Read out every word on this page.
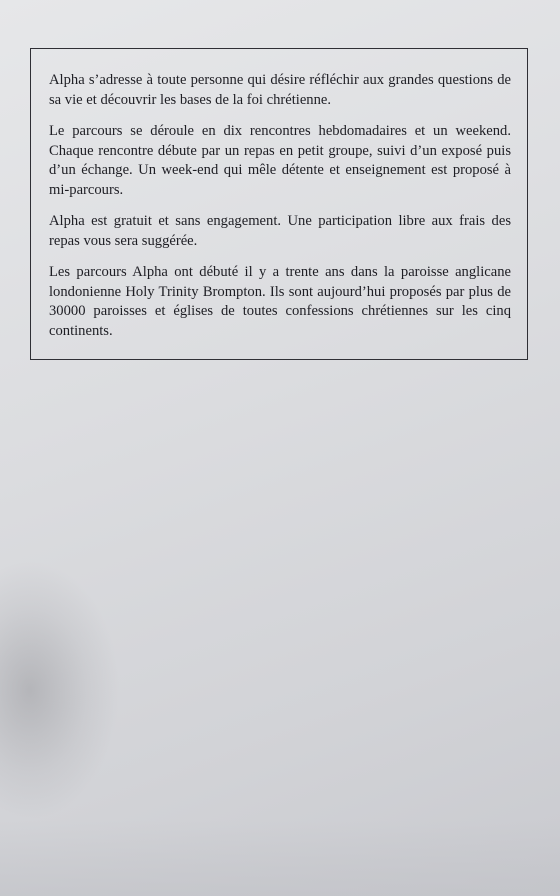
Alpha s’adresse à toute personne qui désire réfléchir aux grandes questions de sa vie et découvrir les bases de la foi chrétienne.

Le parcours se déroule en dix rencontres hebdomadaires et un weekend. Chaque rencontre débute par un repas en petit groupe, suivi d’un exposé puis d’un échange. Un week-end qui mêle détente et enseignement est proposé à mi-parcours.

Alpha est gratuit et sans engagement. Une participation libre aux frais des repas vous sera suggérée.

Les parcours Alpha ont débuté il y a trente ans dans la paroisse anglicane londonienne Holy Trinity Brompton. Ils sont aujourd’hui proposés par plus de 30000 paroisses et églises de toutes confessions chrétiennes sur les cinq continents.
